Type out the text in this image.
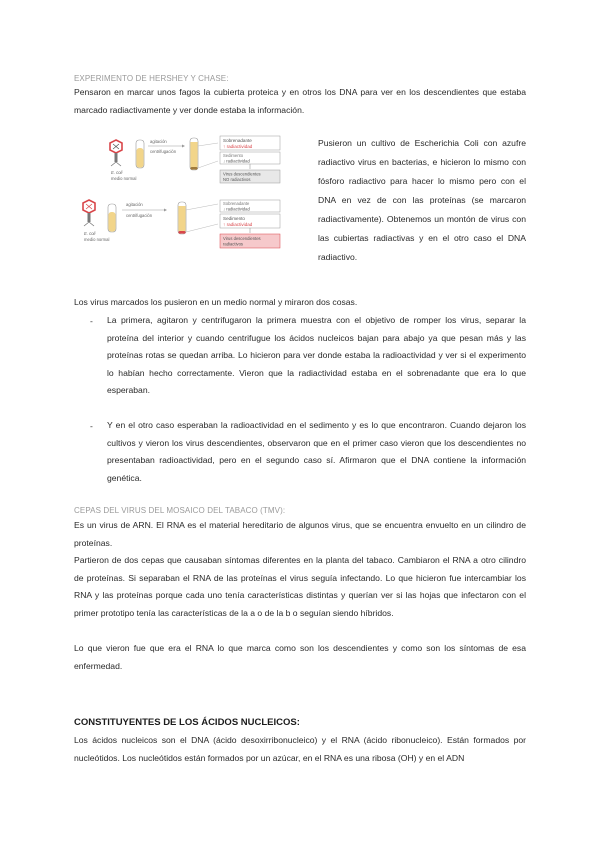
EXPERIMENTO DE HERSHEY Y CHASE:

Pensaron en marcar unos fagos la cubierta proteica y en otros los DNA para ver en los descendientes que estaba marcado radiactivamente y ver donde estaba la información.

E. coli
medio normal
agitación
centrifugación
Sobrenadante
↑ radiactividad
Sedimento
↓ radiactividad
Virus descendientes
NO radiactivos
E. coli
medio normal
agitación
centrifugación
Sobrenadante
↓ radiactividad
Sedimento
↑ radiactividad
Virus descendientes
radiactivos

Pusieron un cultivo de Escherichia Coli con azufre radiactivo virus en bacterias, e hicieron lo mismo con fósforo radiactivo para hacer lo mismo pero con el DNA en vez de con las proteínas (se marcaron radiactivamente). Obtenemos un montón de virus con las cubiertas radiactivas y en el otro caso el DNA radiactivo.

Los virus marcados los pusieron en un medio normal y miraron dos cosas.

- La primera, agitaron y centrifugaron la primera muestra con el objetivo de romper los virus, separar la proteína del interior y cuando centrifugue los ácidos nucleicos bajan para abajo ya que pesan más y las proteínas rotas se quedan arriba. Lo hicieron para ver donde estaba la radioactividad y ver si el experimento lo habían hecho correctamente. Vieron que la radiactividad estaba en el sobrenadante que era lo que esperaban.

- Y en el otro caso esperaban la radioactividad en el sedimento y es lo que encontraron. Cuando dejaron los cultivos y vieron los virus descendientes, observaron que en el primer caso vieron que los descendientes no presentaban radioactividad, pero en el segundo caso sí. Afirmaron que el DNA contiene la información genética.

CEPAS DEL VIRUS DEL MOSAICO DEL TABACO (TMV):

Es un virus de ARN. El RNA es el material hereditario de algunos virus, que se encuentra envuelto en un cilindro de proteínas.

Partieron de dos cepas que causaban síntomas diferentes en la planta del tabaco. Cambiaron el RNA a otro cilindro de proteínas. Si separaban el RNA de las proteínas el virus seguía infectando. Lo que hicieron fue intercambiar los RNA y las proteínas porque cada uno tenía características distintas y querían ver si las hojas que infectaron con el primer prototipo tenía las características de la a o de la b o seguían siendo híbridos.

Lo que vieron fue que era el RNA lo que marca como son los descendientes y como son los síntomas de esa enfermedad.

CONSTITUYENTES DE LOS ÁCIDOS NUCLEICOS:

Los ácidos nucleicos son el DNA (ácido desoxirribonucleico) y el RNA (ácido ribonucleico). Están formados por nucleótidos. Los nucleótidos están formados por un azúcar, en el RNA es una ribosa (OH) y en el ADN
